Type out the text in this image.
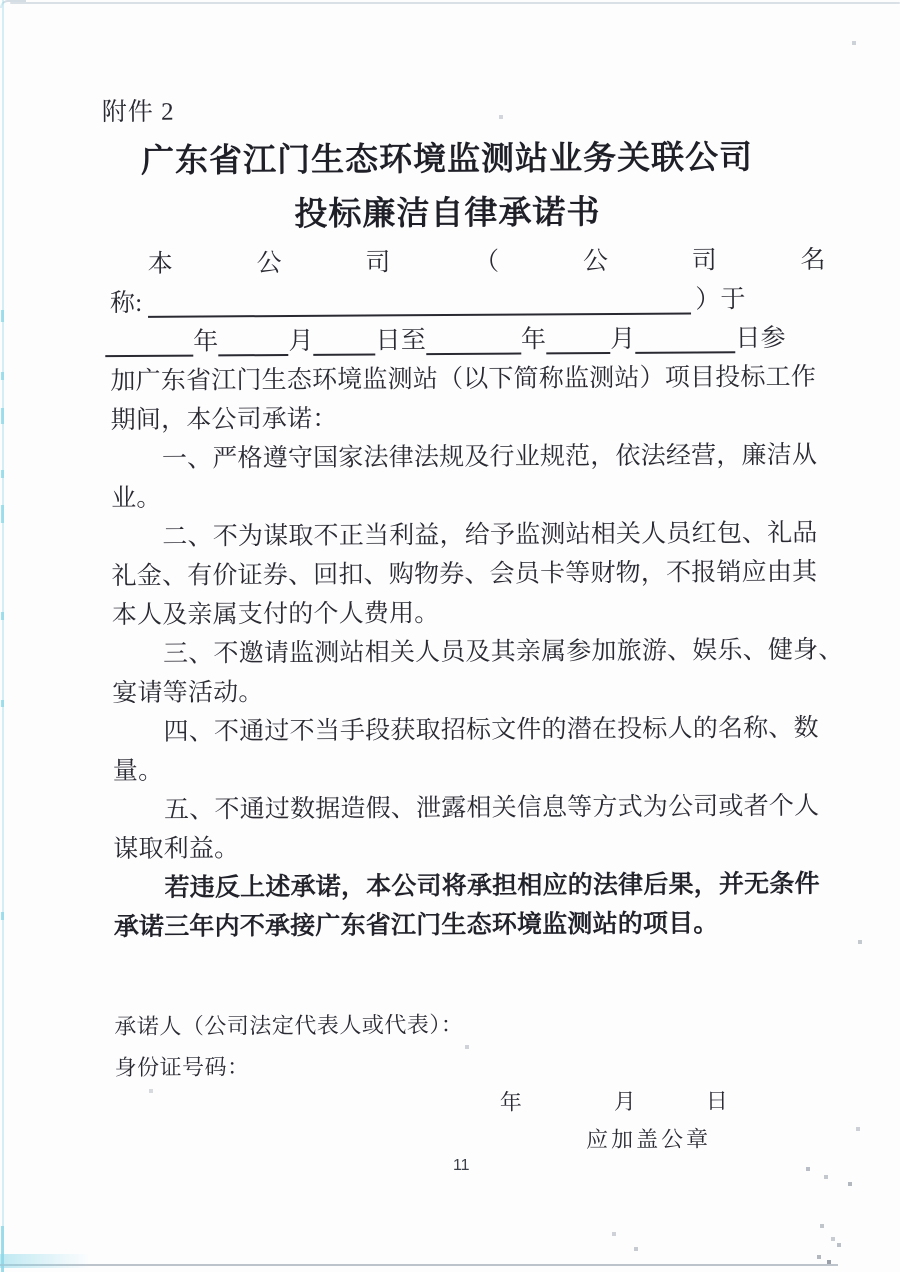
附件 2
广东省江门生态环境监测站业务关联公司
投标廉洁自律承诺书
本	公	司	（	公	司	名
称:	）于
年	月 日至	年	月	日参
加广东省江门生态环境监测站（以下简称监测站）项目投标工作
期间，本公司承诺：
一、严格遵守国家法律法规及行业规范，依法经营，廉洁从
业。
二、不为谋取不正当利益，给予监测站相关人员红包、礼品
礼金、有价证券、回扣、购物券、会员卡等财物，不报销应由其
本人及亲属支付的个人费用。
三、不邀请监测站相关人员及其亲属参加旅游、娱乐、健身、
宴请等活动。
四、不通过不当手段获取招标文件的潜在投标人的名称、数
量。
五、不通过数据造假、泄露相关信息等方式为公司或者个人
谋取利益。
若违反上述承诺，本公司将承担相应的法律后果，并无条件
承诺三年内不承接广东省江门生态环境监测站的项目。
承诺人（公司法定代表人或代表）：
身份证号码：
年	月	日
应加盖公章
11
